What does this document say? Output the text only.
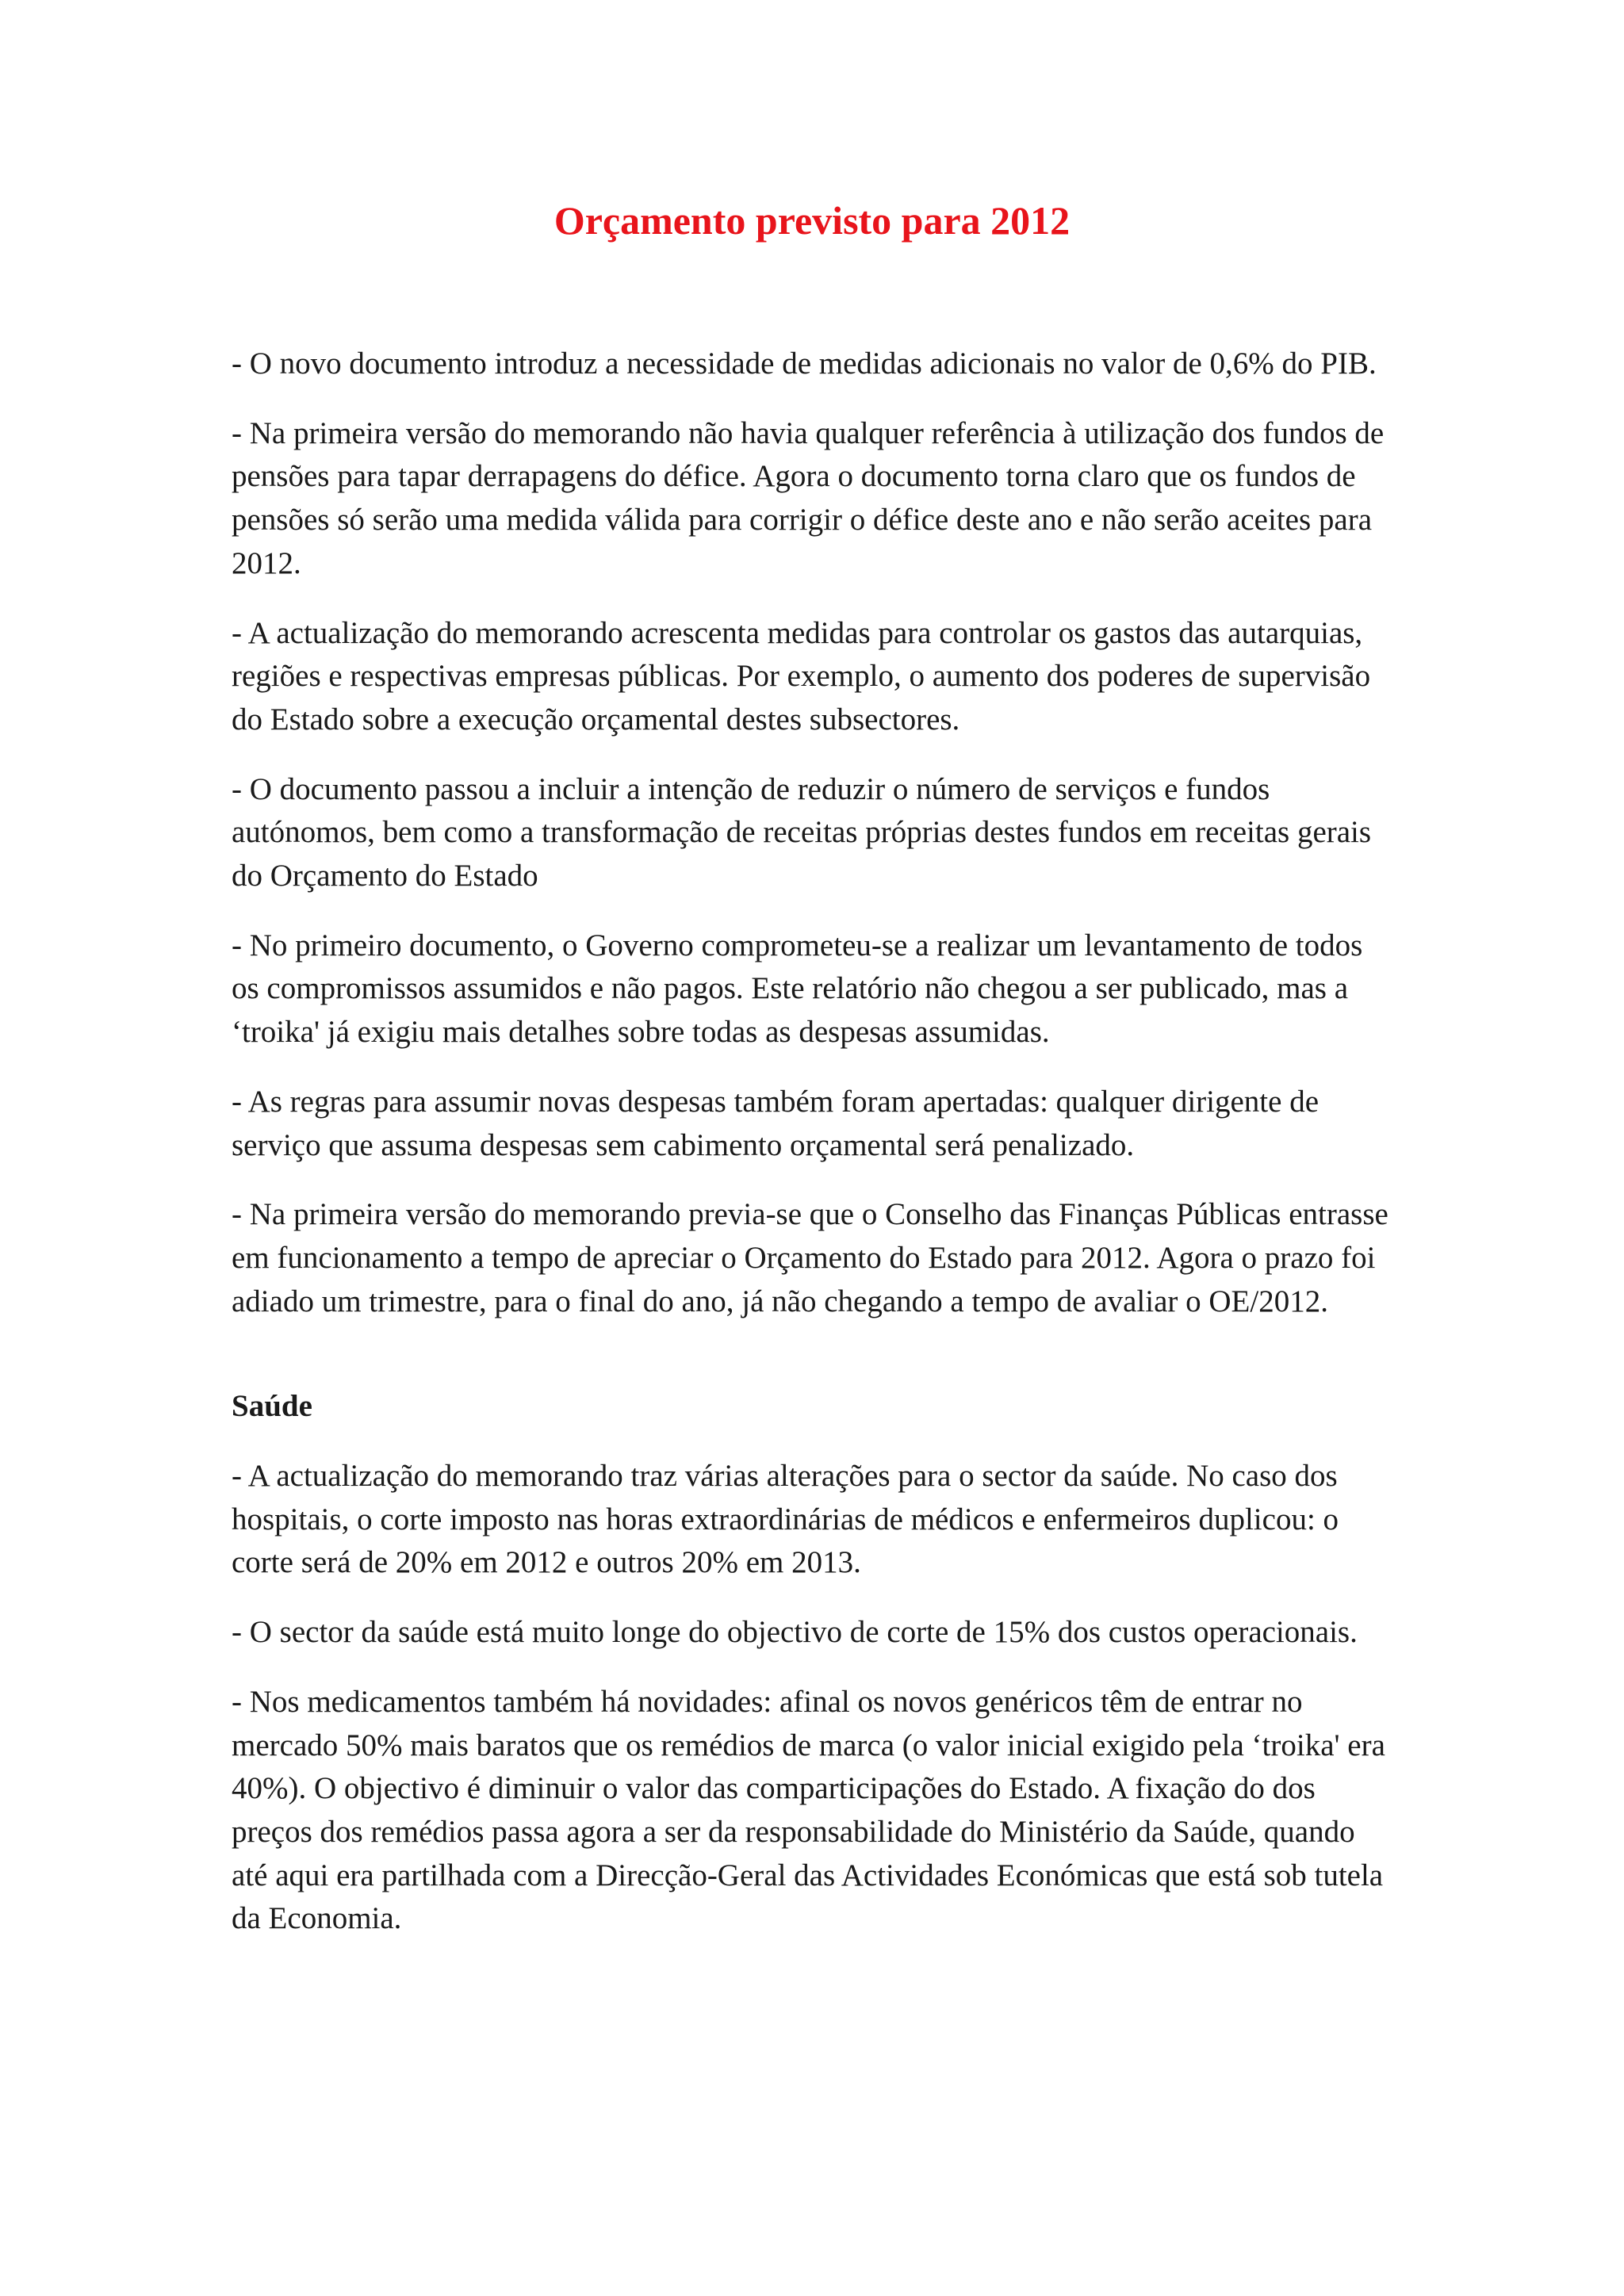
Orçamento previsto para 2012

- O novo documento introduz a necessidade de medidas adicionais no valor de 0,6% do PIB.

- Na primeira versão do memorando não havia qualquer referência à utilização dos fundos de pensões para tapar derrapagens do défice. Agora o documento torna claro que os fundos de pensões só serão uma medida válida para corrigir o défice deste ano e não serão aceites para 2012.

- A actualização do memorando acrescenta medidas para controlar os gastos das autarquias, regiões e respectivas empresas públicas. Por exemplo, o aumento dos poderes de supervisão do Estado sobre a execução orçamental destes subsectores.

- O documento passou a incluir a intenção de reduzir o número de serviços e fundos autónomos, bem como a transformação de receitas próprias destes fundos em receitas gerais do Orçamento do Estado

- No primeiro documento, o Governo comprometeu-se a realizar um levantamento de todos os compromissos assumidos e não pagos. Este relatório não chegou a ser publicado, mas a ‘troika' já exigiu mais detalhes sobre todas as despesas assumidas.

- As regras para assumir novas despesas também foram apertadas: qualquer dirigente de serviço que assuma despesas sem cabimento orçamental será penalizado.

- Na primeira versão do memorando previa-se que o Conselho das Finanças Públicas entrasse em funcionamento a tempo de apreciar o Orçamento do Estado para 2012. Agora o prazo foi adiado um trimestre, para o final do ano, já não chegando a tempo de avaliar o OE/2012.

Saúde

- A actualização do memorando traz várias alterações para o sector da saúde. No caso dos hospitais, o corte imposto nas horas extraordinárias de médicos e enfermeiros duplicou: o corte será de 20% em 2012 e outros 20% em 2013.

- O sector da saúde está muito longe do objectivo de corte de 15% dos custos operacionais.

- Nos medicamentos também há novidades: afinal os novos genéricos têm de entrar no mercado 50% mais baratos que os remédios de marca (o valor inicial exigido pela ‘troika' era 40%). O objectivo é diminuir o valor das comparticipações do Estado. A fixação do dos preços dos remédios passa agora a ser da responsabilidade do Ministério da Saúde, quando até aqui era partilhada com a Direcção-Geral das Actividades Económicas que está sob tutela da Economia.
